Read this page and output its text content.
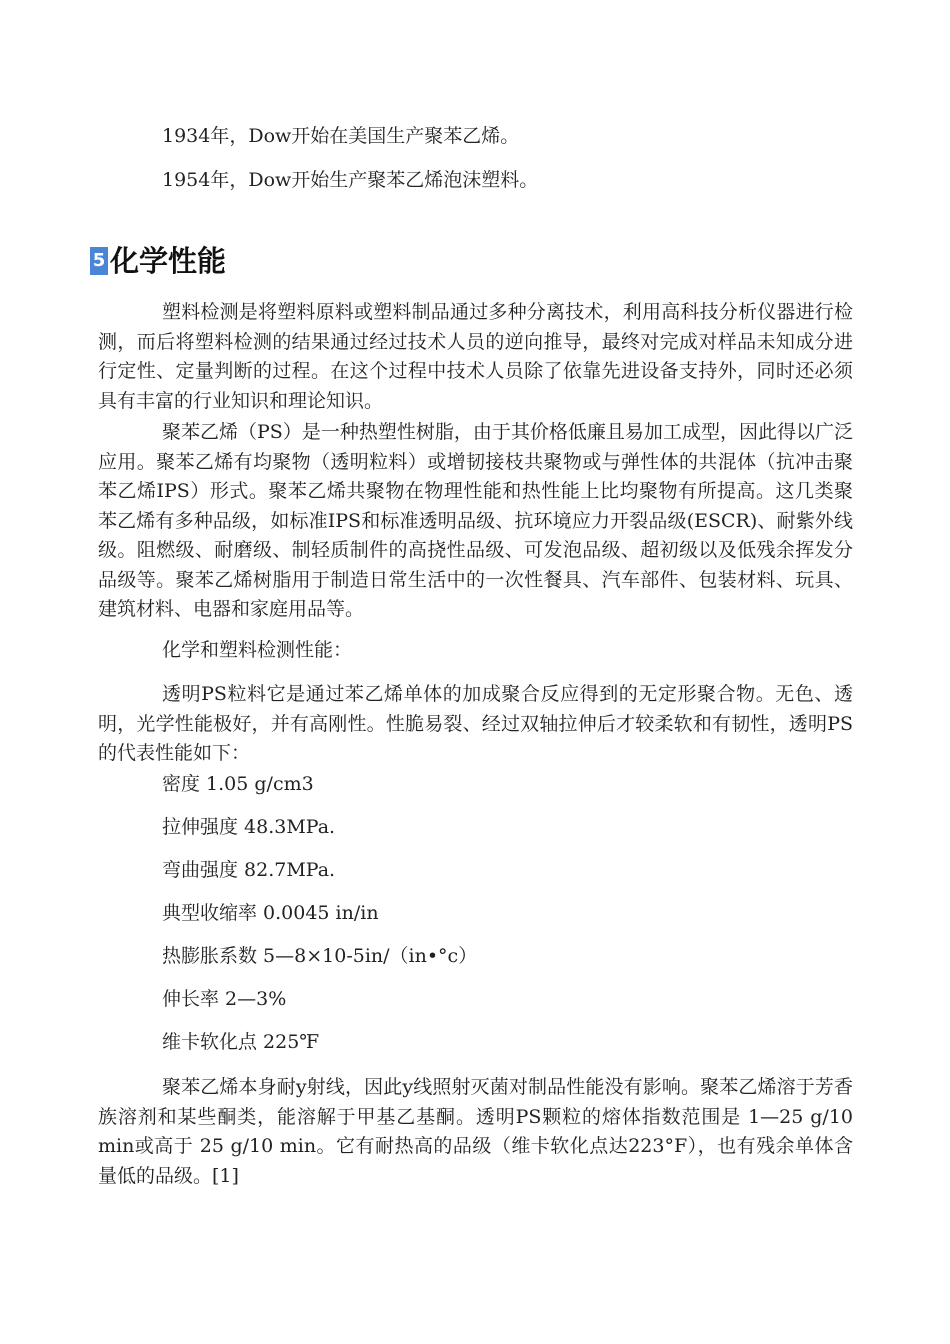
1934年，Dow开始在美国生产聚苯乙烯。

1954年，Dow开始生产聚苯乙烯泡沫塑料。

5 化学性能

塑料检测是将塑料原料或塑料制品通过多种分离技术，利用高科技分析仪器进行检测，而后将塑料检测的结果通过经过技术人员的逆向推导，最终对完成对样品未知成分进行定性、定量判断的过程。在这个过程中技术人员除了依靠先进设备支持外，同时还必须具有丰富的行业知识和理论知识。

聚苯乙烯（PS）是一种热塑性树脂，由于其价格低廉且易加工成型，因此得以广泛应用。聚苯乙烯有均聚物（透明粒料）或增韧接枝共聚物或与弹性体的共混体（抗冲击聚苯乙烯IPS）形式。聚苯乙烯共聚物在物理性能和热性能上比均聚物有所提高。这几类聚苯乙烯有多种品级，如标准IPS和标准透明品级、抗环境应力开裂品级(ESCR)、耐紫外线级。阻燃级、耐磨级、制轻质制件的高挠性品级、可发泡品级、超初级以及低残余挥发分品级等。聚苯乙烯树脂用于制造日常生活中的一次性餐具、汽车部件、包装材料、玩具、建筑材料、电器和家庭用品等。

化学和塑料检测性能：

透明PS粒料它是通过苯乙烯单体的加成聚合反应得到的无定形聚合物。无色、透明，光学性能极好，并有高刚性。性脆易裂、经过双轴拉伸后才较柔软和有韧性，透明PS的代表性能如下：

密度 1.05 g/cm3

拉伸强度 48.3MPa.

弯曲强度 82.7MPa.

典型收缩率 0.0045 in/in

热膨胀系数 5—8×10-5in/（in•°c）

伸长率 2—3%

维卡软化点 225℉

聚苯乙烯本身耐y射线，因此y线照射灭菌对制品性能没有影响。聚苯乙烯溶于芳香族溶剂和某些酮类，能溶解于甲基乙基酮。透明PS颗粒的熔体指数范围是 1—25 g/10 min或高于 25 g/10 min。它有耐热高的品级（维卡软化点达223°F），也有残余单体含量低的品级。[1]
